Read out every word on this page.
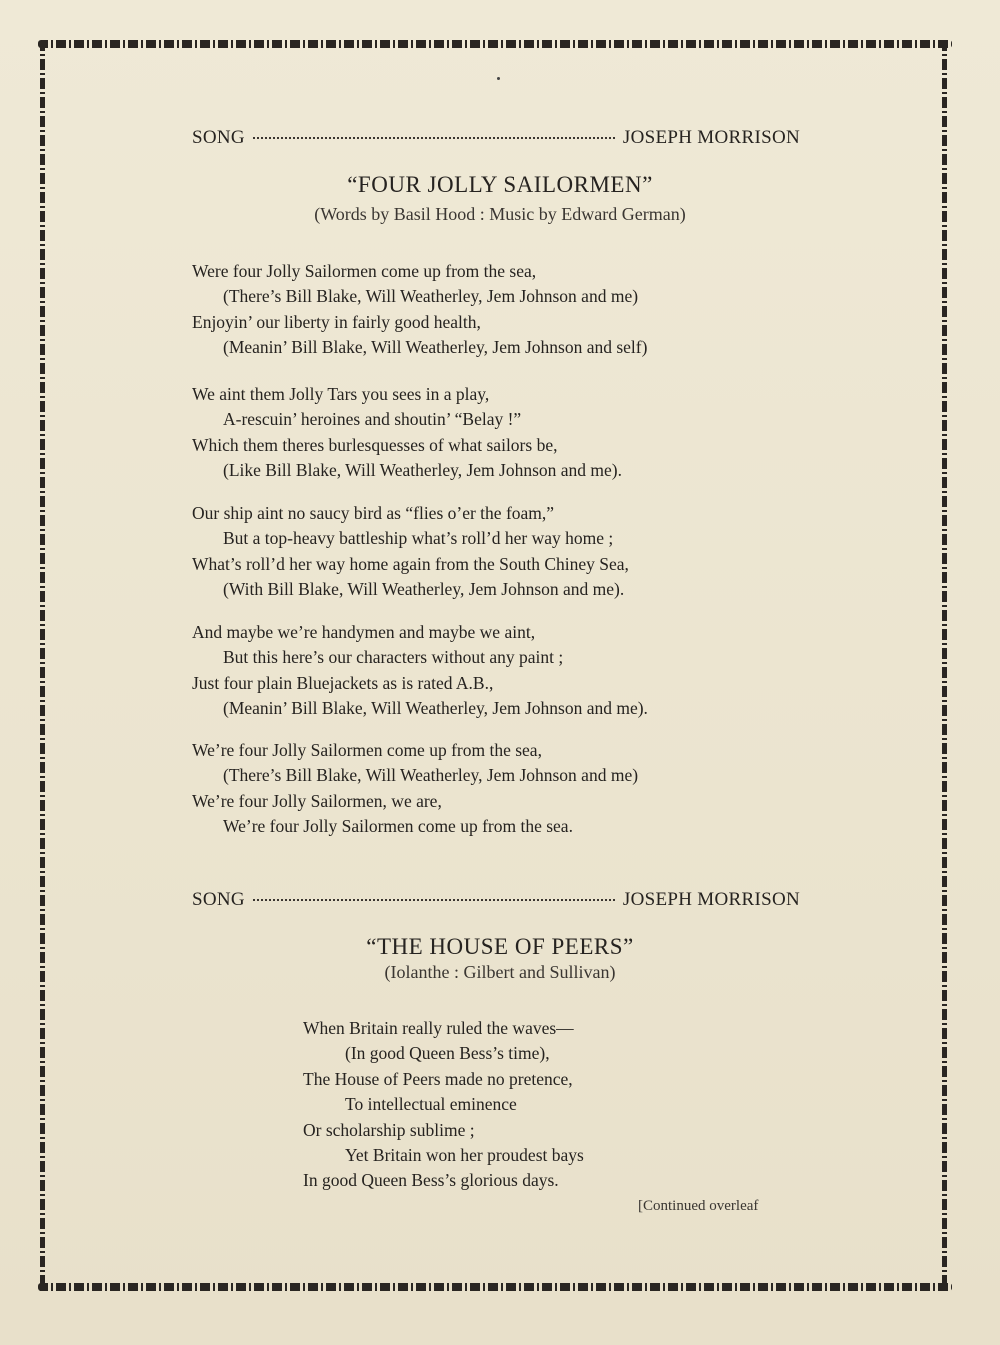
SONG	JOSEPH MORRISON
“FOUR JOLLY SAILORMEN”
(Words by Basil Hood : Music by Edward German)
Were four Jolly Sailormen come up from the sea,
(There’s Bill Blake, Will Weatherley, Jem Johnson and me)
Enjoyin’ our liberty in fairly good health,
(Meanin’ Bill Blake, Will Weatherley, Jem Johnson and self)
We aint them Jolly Tars you sees in a play,
A-rescuin’ heroines and shoutin’ “Belay !”
Which them theres burlesquesses of what sailors be,
(Like Bill Blake, Will Weatherley, Jem Johnson and me).
Our ship aint no saucy bird as “flies o’er the foam,”
But a top-heavy battleship what’s roll’d her way home ;
What’s roll’d her way home again from the South Chiney Sea,
(With Bill Blake, Will Weatherley, Jem Johnson and me).
And maybe we’re handymen and maybe we aint,
But this here’s our characters without any paint ;
Just four plain Bluejackets as is rated A.B.,
(Meanin’ Bill Blake, Will Weatherley, Jem Johnson and me).
We’re four Jolly Sailormen come up from the sea,
(There’s Bill Blake, Will Weatherley, Jem Johnson and me)
We’re four Jolly Sailormen, we are,
We’re four Jolly Sailormen come up from the sea.
SONG	JOSEPH MORRISON
“THE HOUSE OF PEERS”
(Iolanthe : Gilbert and Sullivan)
When Britain really ruled the waves—
(In good Queen Bess’s time),
The House of Peers made no pretence,
To intellectual eminence
Or scholarship sublime ;
Yet Britain won her proudest bays
In good Queen Bess’s glorious days.
[Continued overleaf
